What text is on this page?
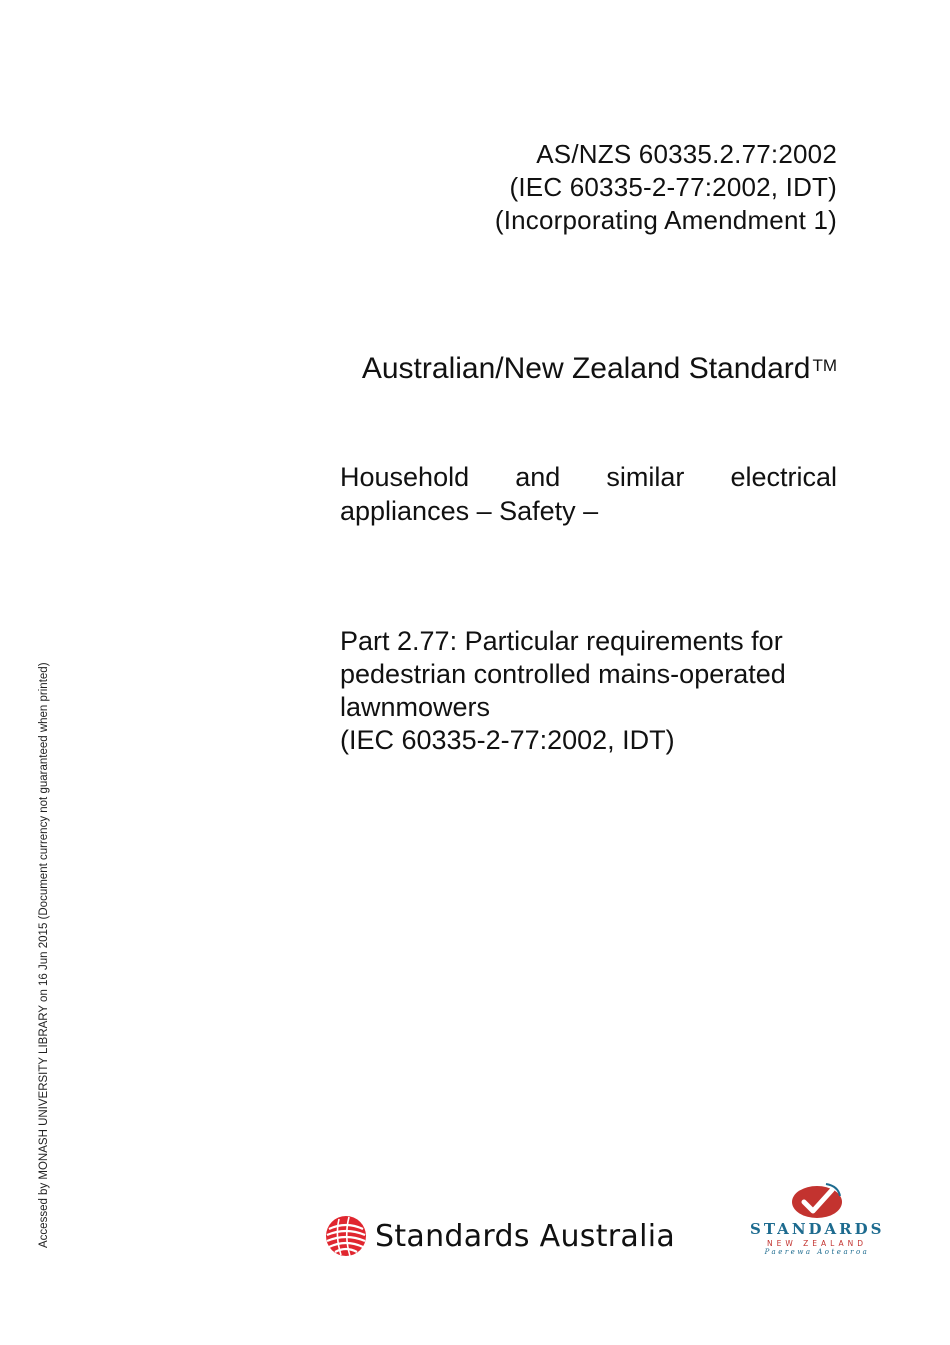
AS/NZS 60335.2.77:2002
(IEC 60335-2-77:2002, IDT)
(Incorporating Amendment 1)
Australian/New Zealand Standard ™
Household and similar electrical
appliances – Safety –
Part 2.77: Particular requirements for
pedestrian controlled mains-operated
lawnmowers
(IEC 60335-2-77:2002, IDT)
Accessed by MONASH UNIVERSITY LIBRARY on 16 Jun 2015 (Document currency not guaranteed when printed)	Standards Australia	STANDARDS
NEW ZEALAND
Paerewa Aotearoa
